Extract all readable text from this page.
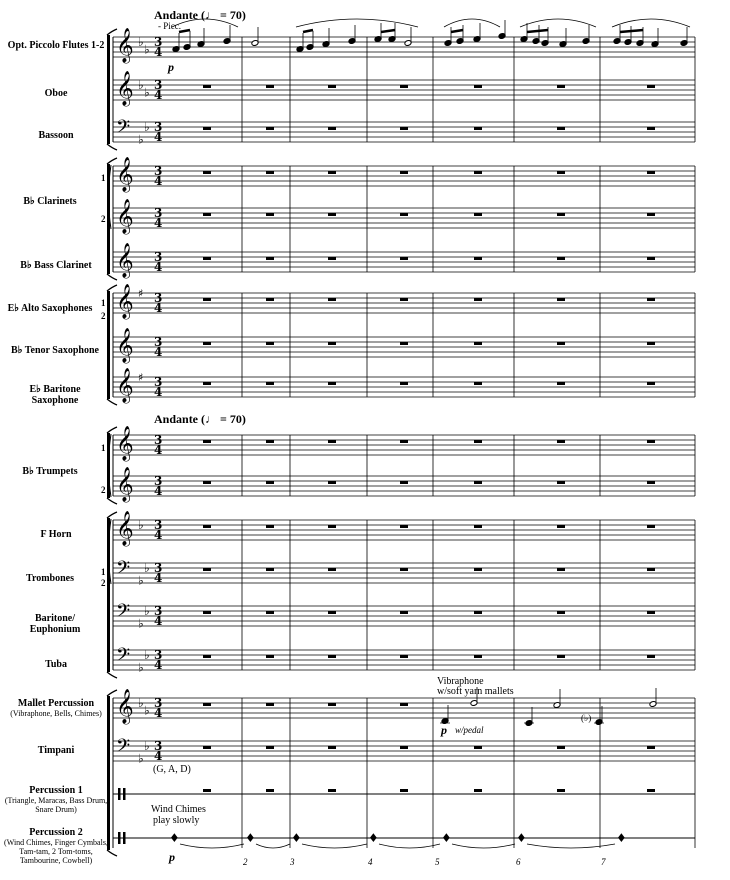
𝄞 ♭
♭
3
4
𝄞 ♭
♭
3
4
𝄢 ♭
♭ 3
4
𝄞 3
4
𝄞 3
4
𝄞 3
4
𝄞 ♯ 3
4
𝄞 3
4
𝄞 ♯ 3
4
𝄞 3
4
𝄞 3
4
𝄞 ♭ 3
4
𝄢 ♭
♭ 3
4
𝄢 ♭
♭ 3
4
𝄢 ♭
♭ 3
4
𝄞 ♭
♭
3
4
𝄢 ♭
♭ 3
4
♦	♦	♦	♦	♦	♦	♦
Andante (♩ = 70)
- Picc.
Andante (♩ = 70)
Opt. Piccolo Flutes 1-2
Oboe
Bassoon
B♭ Clarinets
B♭ Bass Clarinet
E♭ Alto Saxophones
B♭ Tenor Saxophone
E♭ Baritone Saxophone
B♭ Trumpets
F Horn
Trombones
Baritone/ Euphonium
Tuba
Mallet Percussion
(Vibraphone, Bells, Chimes)
Timpani
Percussion 1
(Triangle, Maracas, Bass Drum, Snare Drum)
Percussion 2
(Wind Chimes, Finger Cymbals, Tam-tam, 2 Tom-toms, Tambourine, Cowbell)
1
2
1
2
1
2
1
2
p
Vibraphone
w/soft yarn mallets
p w/pedal
(♭)
(G, A, D)
Wind Chimes
play slowly
p	2	3	4	5	6	7
